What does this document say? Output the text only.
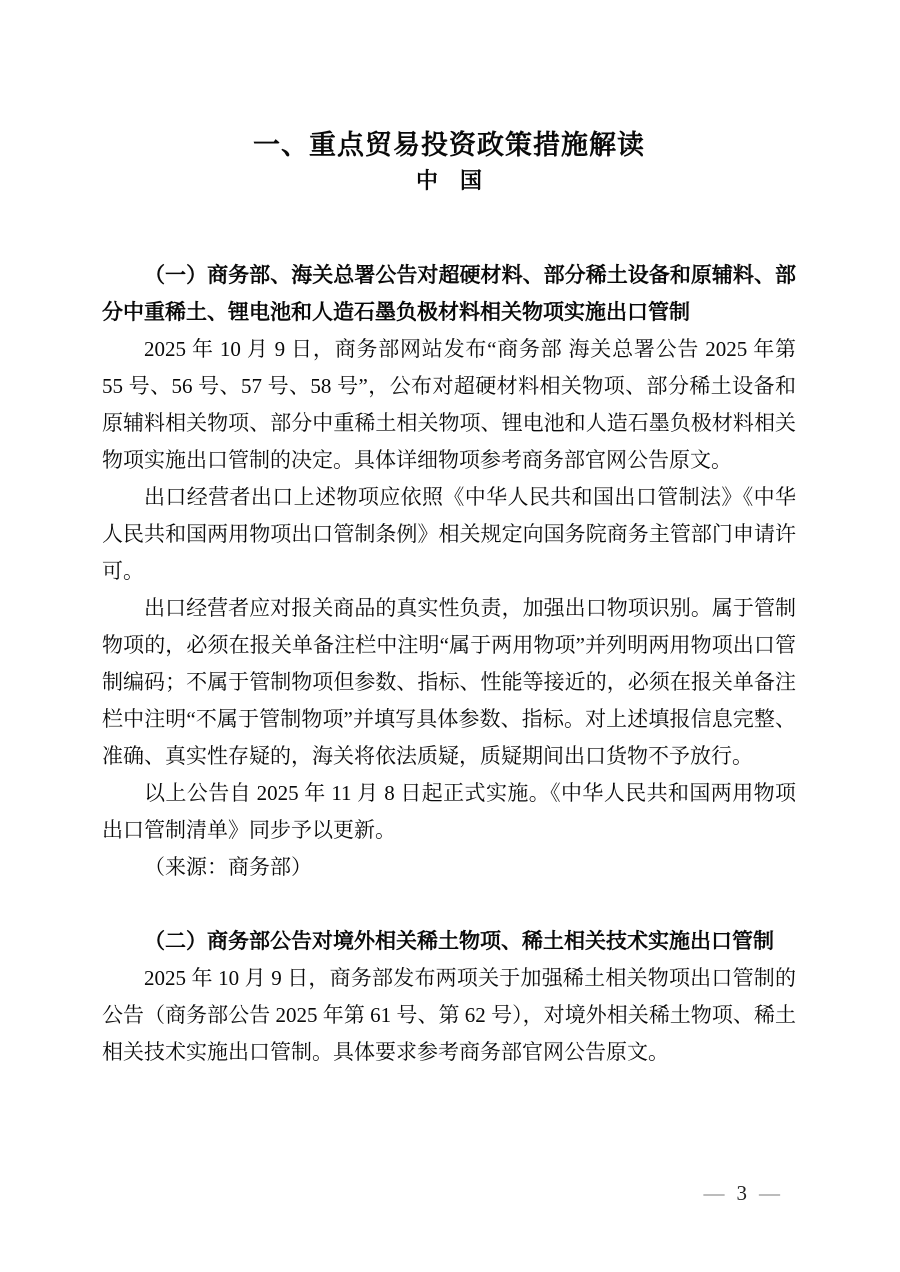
一、重点贸易投资政策措施解读
中　国

（一）商务部、海关总署公告对超硬材料、部分稀土设备和原辅料、部分中重稀土、锂电池和人造石墨负极材料相关物项实施出口管制

2025 年 10 月 9 日，商务部网站发布“商务部 海关总署公告 2025 年第 55 号、56 号、57 号、58 号”，公布对超硬材料相关物项、部分稀土设备和原辅料相关物项、部分中重稀土相关物项、锂电池和人造石墨负极材料相关物项实施出口管制的决定。具体详细物项参考商务部官网公告原文。

出口经营者出口上述物项应依照《中华人民共和国出口管制法》《中华人民共和国两用物项出口管制条例》相关规定向国务院商务主管部门申请许可。

出口经营者应对报关商品的真实性负责，加强出口物项识别。属于管制物项的，必须在报关单备注栏中注明“属于两用物项”并列明两用物项出口管制编码；不属于管制物项但参数、指标、性能等接近的，必须在报关单备注栏中注明“不属于管制物项”并填写具体参数、指标。对上述填报信息完整、准确、真实性存疑的，海关将依法质疑，质疑期间出口货物不予放行。

以上公告自 2025 年 11 月 8 日起正式实施。《中华人民共和国两用物项出口管制清单》同步予以更新。

（来源：商务部）

（二）商务部公告对境外相关稀土物项、稀土相关技术实施出口管制

2025 年 10 月 9 日，商务部发布两项关于加强稀土相关物项出口管制的公告（商务部公告 2025 年第 61 号、第 62 号），对境外相关稀土物项、稀土相关技术实施出口管制。具体要求参考商务部官网公告原文。

— 3 —
